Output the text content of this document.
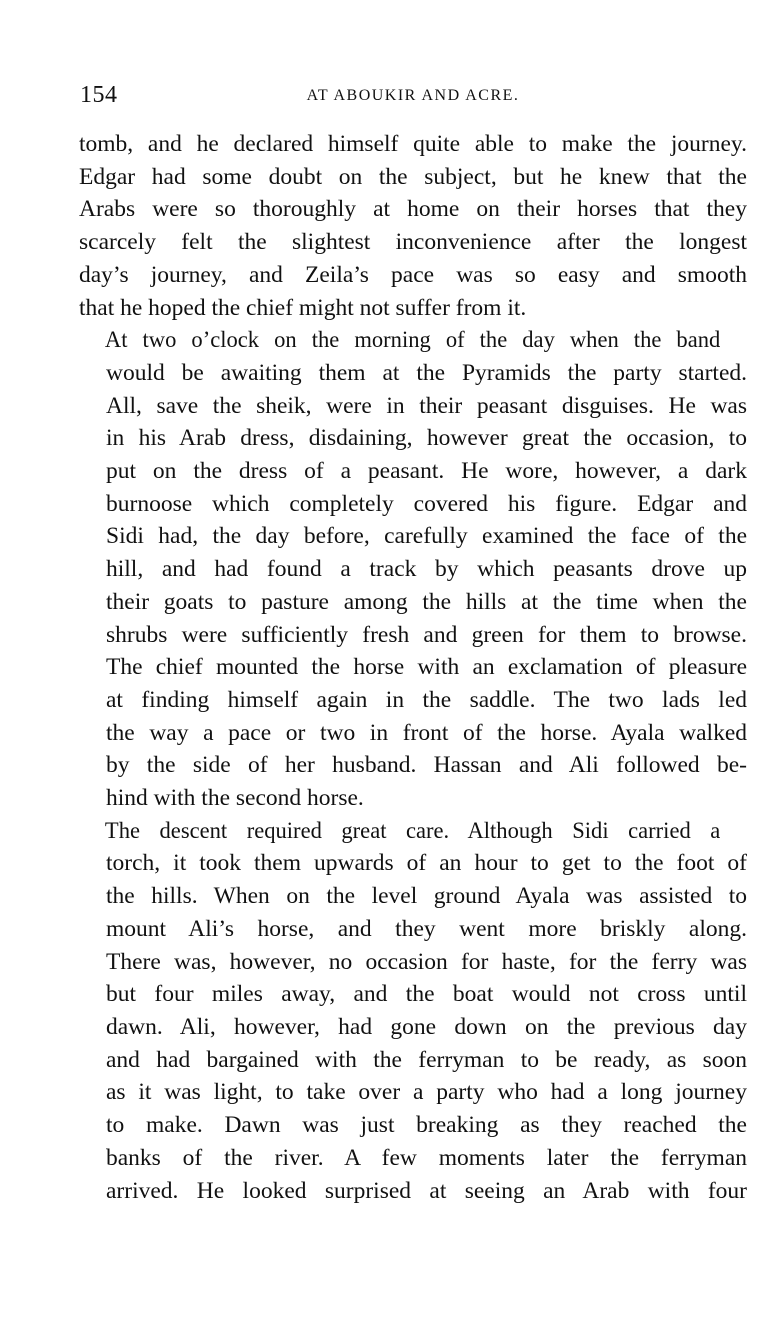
154	AT ABOUKIR AND ACRE.

tomb, and he declared himself quite able to make the journey.
Edgar had some doubt on the subject, but he knew that the
Arabs were so thoroughly at home on their horses that they
scarcely felt the slightest inconvenience after the longest
day’s journey, and Zeila’s pace was so easy and smooth
that he hoped the chief might not suffer from it.

At two o’clock on the morning of the day when the band
would be awaiting them at the Pyramids the party started.
All, save the sheik, were in their peasant disguises. He was
in his Arab dress, disdaining, however great the occasion, to
put on the dress of a peasant. He wore, however, a dark
burnoose which completely covered his figure. Edgar and
Sidi had, the day before, carefully examined the face of the
hill, and had found a track by which peasants drove up
their goats to pasture among the hills at the time when the
shrubs were sufficiently fresh and green for them to browse.
The chief mounted the horse with an exclamation of pleasure
at finding himself again in the saddle. The two lads led
the way a pace or two in front of the horse. Ayala walked
by the side of her husband. Hassan and Ali followed be-
hind with the second horse.

The descent required great care. Although Sidi carried a
torch, it took them upwards of an hour to get to the foot of
the hills. When on the level ground Ayala was assisted to
mount Ali’s horse, and they went more briskly along.
There was, however, no occasion for haste, for the ferry was
but four miles away, and the boat would not cross until
dawn. Ali, however, had gone down on the previous day
and had bargained with the ferryman to be ready, as soon
as it was light, to take over a party who had a long journey
to make. Dawn was just breaking as they reached the
banks of the river. A few moments later the ferryman
arrived. He looked surprised at seeing an Arab with four
